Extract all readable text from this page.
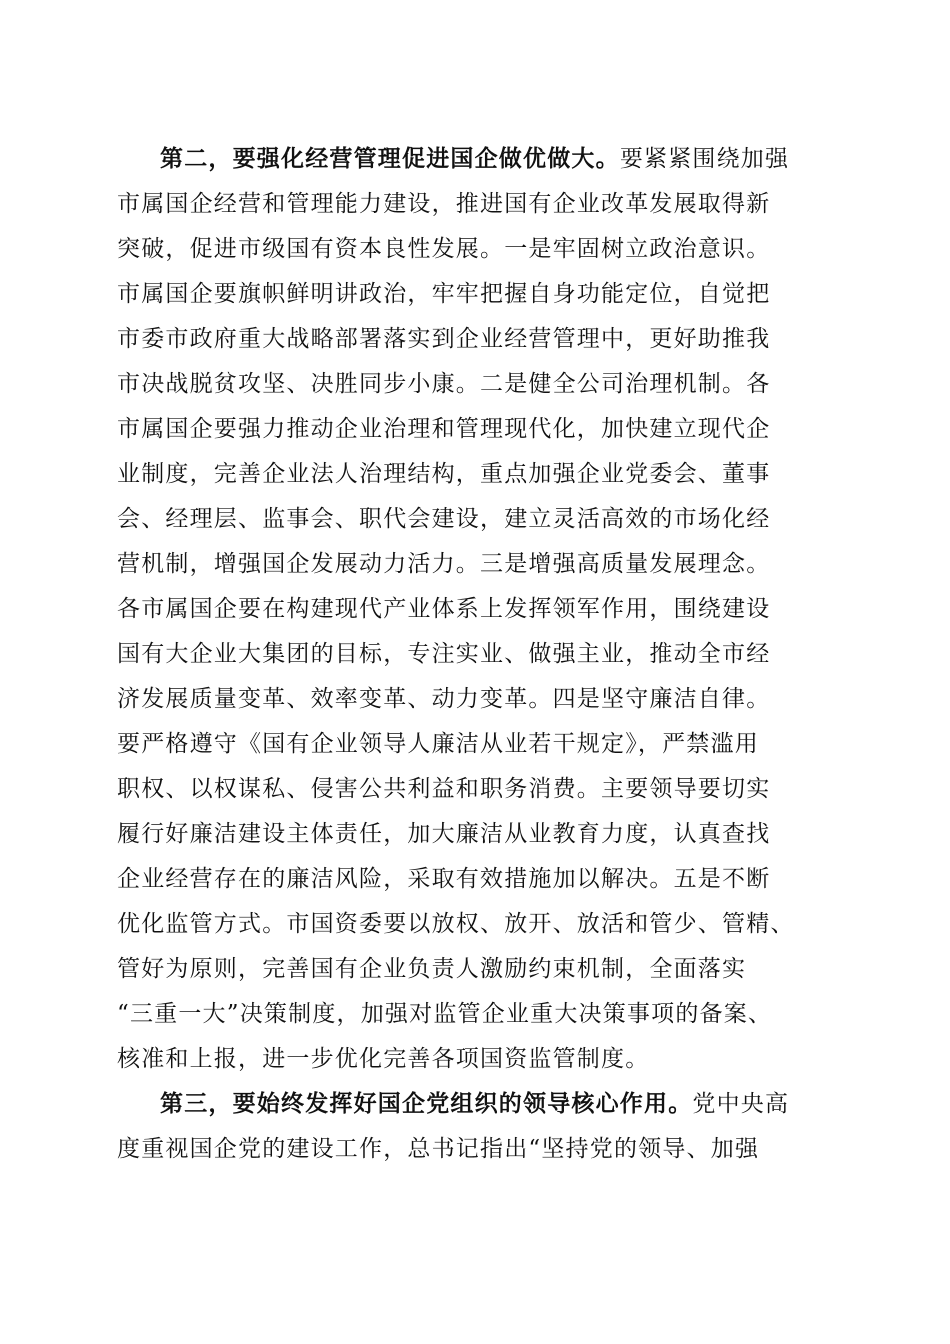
第二，要强化经营管理促进国企做优做大。要紧紧围绕加强
市属国企经营和管理能力建设，推进国有企业改革发展取得新
突破，促进市级国有资本良性发展。一是牢固树立政治意识。
市属国企要旗帜鲜明讲政治，牢牢把握自身功能定位，自觉把
市委市政府重大战略部署落实到企业经营管理中，更好助推我
市决战脱贫攻坚、决胜同步小康。二是健全公司治理机制。各
市属国企要强力推动企业治理和管理现代化，加快建立现代企
业制度，完善企业法人治理结构，重点加强企业党委会、董事
会、经理层、监事会、职代会建设，建立灵活高效的市场化经
营机制，增强国企发展动力活力。三是增强高质量发展理念。
各市属国企要在构建现代产业体系上发挥领军作用，围绕建设
国有大企业大集团的目标，专注实业、做强主业，推动全市经
济发展质量变革、效率变革、动力变革。四是坚守廉洁自律。
要严格遵守《国有企业领导人廉洁从业若干规定》，严禁滥用
职权、以权谋私、侵害公共利益和职务消费。主要领导要切实
履行好廉洁建设主体责任，加大廉洁从业教育力度，认真查找
企业经营存在的廉洁风险，采取有效措施加以解决。五是不断
优化监管方式。市国资委要以放权、放开、放活和管少、管精、
管好为原则，完善国有企业负责人激励约束机制，全面落实
“三重一大”决策制度，加强对监管企业重大决策事项的备案、
核准和上报，进一步优化完善各项国资监管制度。
第三，要始终发挥好国企党组织的领导核心作用。党中央高
度重视国企党的建设工作，总书记指出“坚持党的领导、加强
